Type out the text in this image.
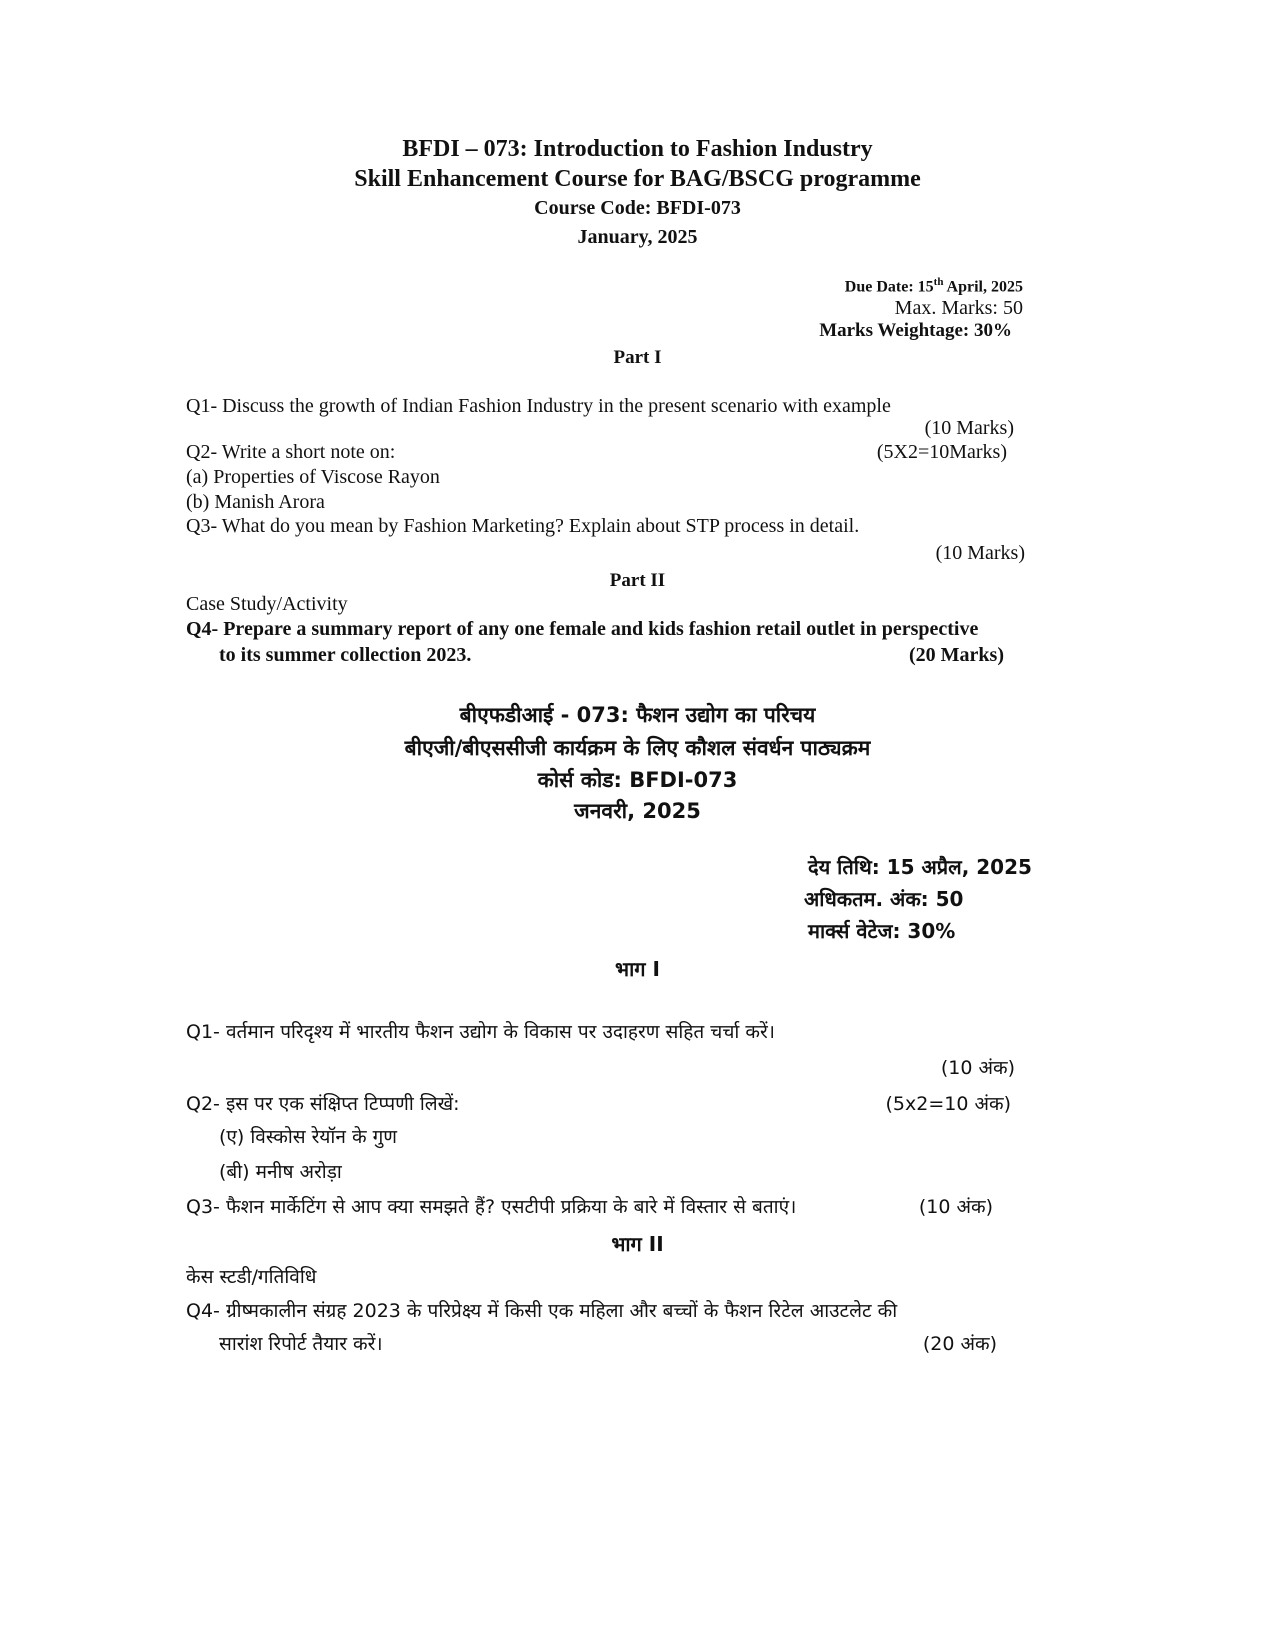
BFDI – 073: Introduction to Fashion Industry
Skill Enhancement Course for BAG/BSCG programme
Course Code: BFDI-073
January, 2025
Due Date: 15th April, 2025
Max. Marks: 50
Marks Weightage: 30%
Part I
Q1- Discuss the growth of Indian Fashion Industry in the present scenario with example
(10 Marks)
Q2- Write a short note on:	(5X2=10Marks)
(a) Properties of Viscose Rayon
(b) Manish Arora
Q3- What do you mean by Fashion Marketing? Explain about STP process in detail.
(10 Marks)
Part II
Case Study/Activity
Q4- Prepare a summary report of any one female and kids fashion retail outlet in perspective
to its summer collection 2023.	(20 Marks)
बीएफडीआई - 073: फैशन उद्योग का परिचय
बीएजी/बीएससीजी कार्यक्रम के लिए कौशल संवर्धन पाठ्यक्रम
कोर्स कोड: BFDI-073
जनवरी, 2025
देय तिथि: 15 अप्रैल, 2025
अधिकतम. अंक: 50
मार्क्स वेटेज: 30%
भाग I
Q1- वर्तमान परिदृश्य में भारतीय फैशन उद्योग के विकास पर उदाहरण सहित चर्चा करें।
(10 अंक)
Q2- इस पर एक संक्षिप्त टिप्पणी लिखें:	(5x2=10 अंक)
(ए) विस्कोस रेयॉन के गुण
(बी) मनीष अरोड़ा
Q3- फैशन मार्केटिंग से आप क्या समझते हैं? एसटीपी प्रक्रिया के बारे में विस्तार से बताएं।	(10 अंक)
भाग II
केस स्टडी/गतिविधि
Q4- ग्रीष्मकालीन संग्रह 2023 के परिप्रेक्ष्य में किसी एक महिला और बच्चों के फैशन रिटेल आउटलेट की
सारांश रिपोर्ट तैयार करें।	(20 अंक)
